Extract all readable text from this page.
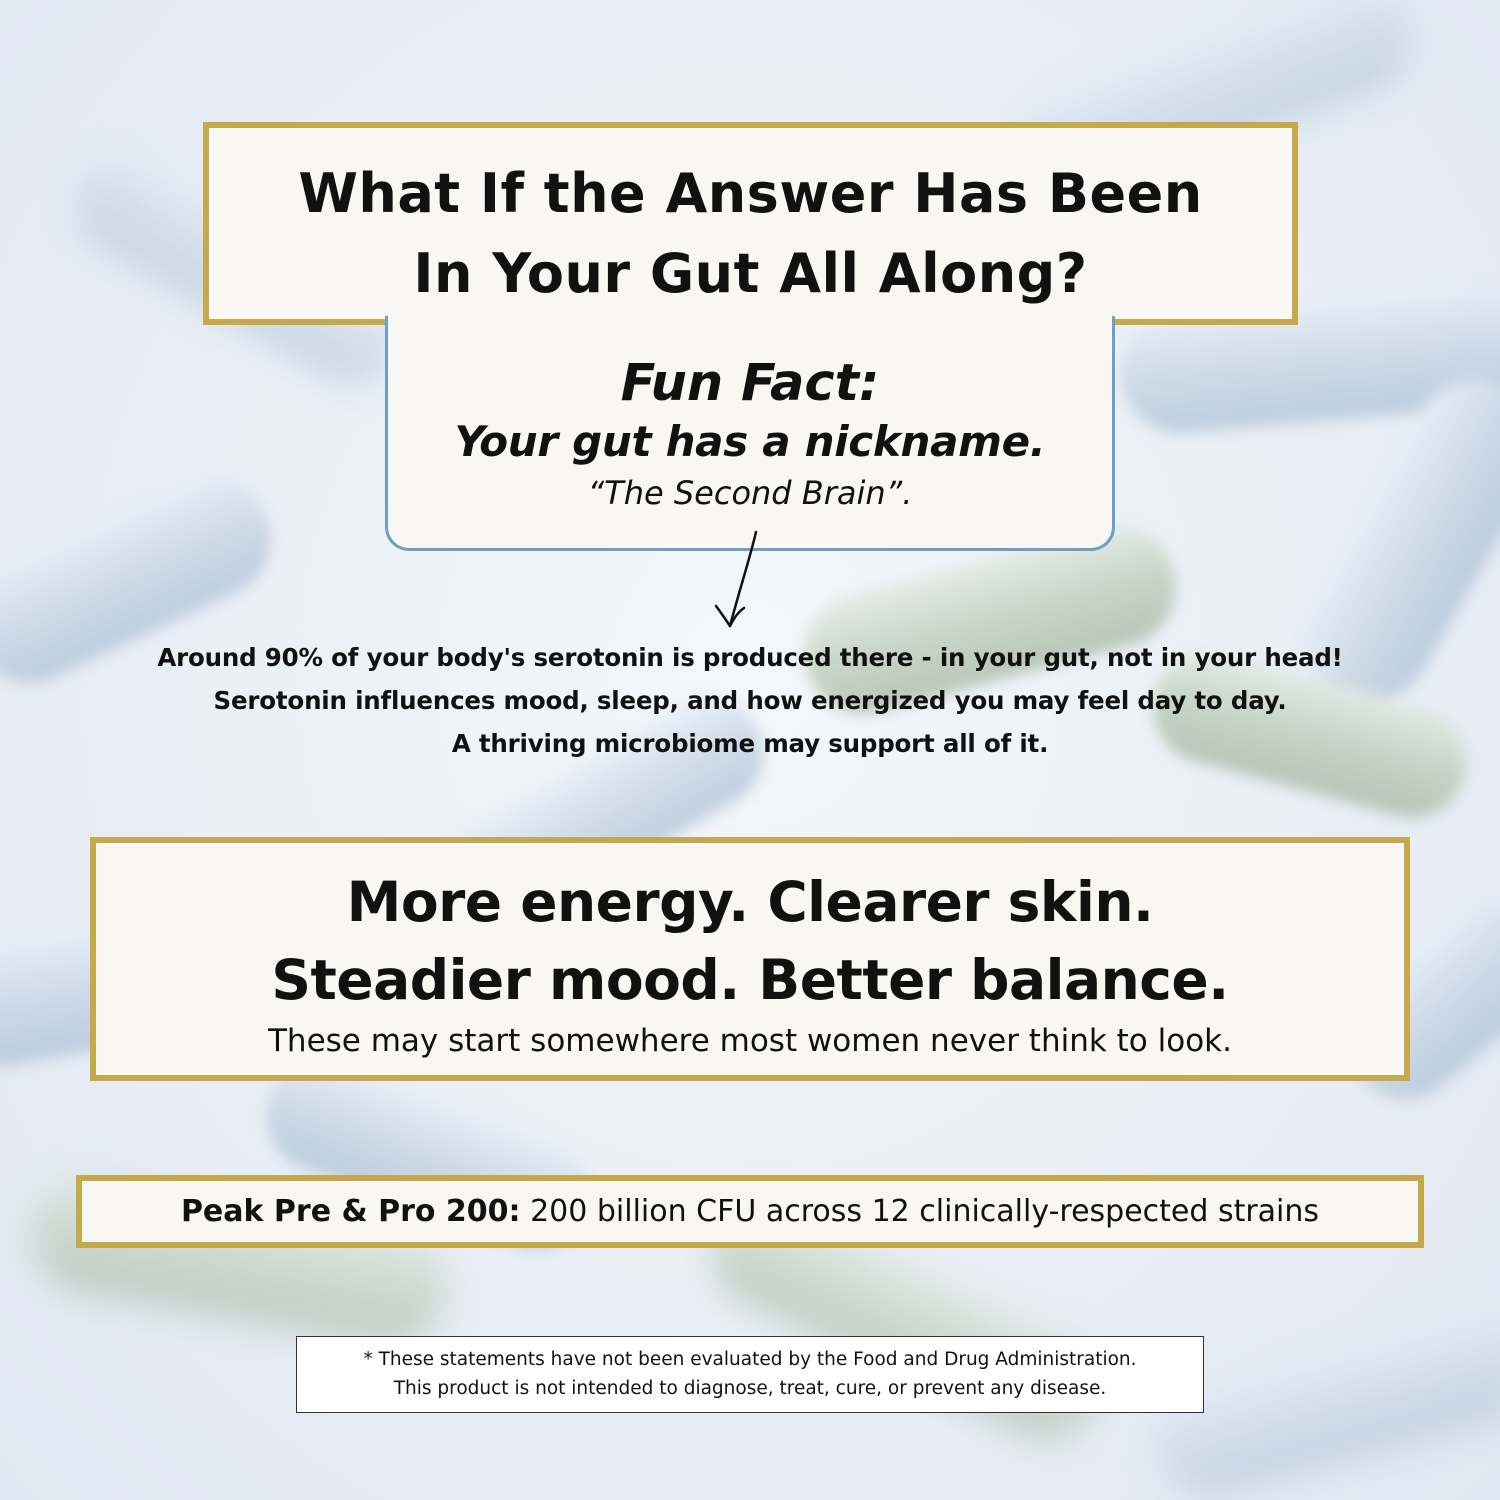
What If the Answer Has Been
In Your Gut All Along?
Fun Fact:
Your gut has a nickname.
“The Second Brain”.
Around 90% of your body's serotonin is produced there - in your gut, not in your head!
Serotonin influences mood, sleep, and how energized you may feel day to day.
A thriving microbiome may support all of it.
More energy. Clearer skin.
Steadier mood. Better balance.
These may start somewhere most women never think to look.
Peak Pre & Pro 200: 200 billion CFU across 12 clinically-respected strains
* These statements have not been evaluated by the Food and Drug Administration.
This product is not intended to diagnose, treat, cure, or prevent any disease.
